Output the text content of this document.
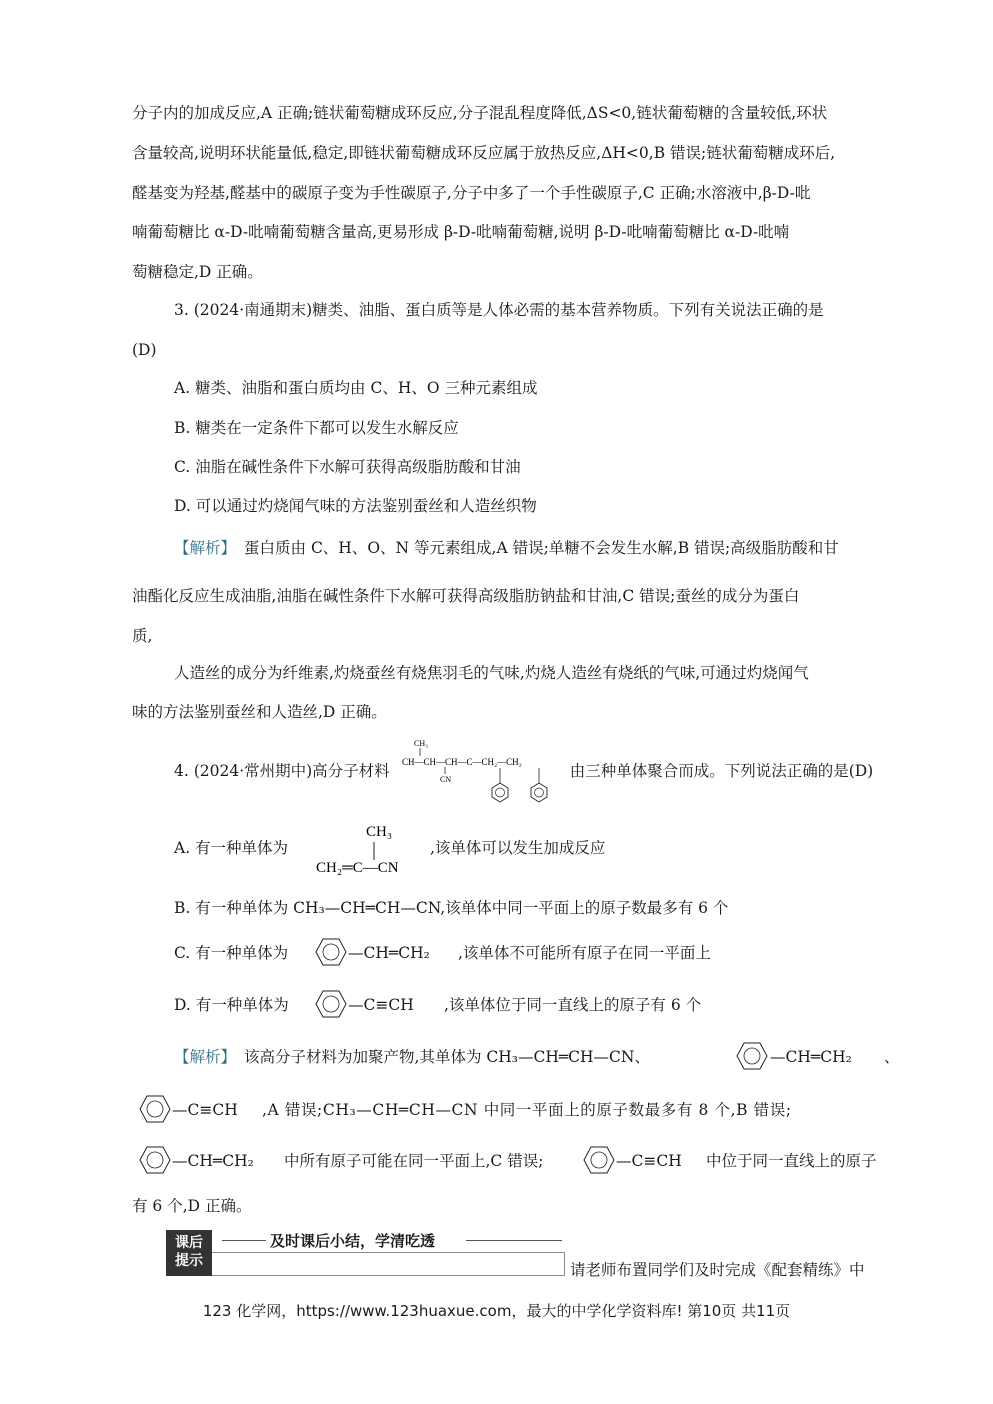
分子内的加成反应,A 正确;链状葡萄糖成环反应,分子混乱程度降低,ΔS<0,链状葡萄糖的含量较低,环状
含量较高,说明环状能量低,稳定,即链状葡萄糖成环反应属于放热反应,ΔH<0,B 错误;链状葡萄糖成环后,
醛基变为羟基,醛基中的碳原子变为手性碳原子,分子中多了一个手性碳原子,C 正确;水溶液中,β-D-吡
喃葡萄糖比 α-D-吡喃葡萄糖含量高,更易形成 β-D-吡喃葡萄糖,说明 β-D-吡喃葡萄糖比 α-D-吡喃
萄糖稳定,D 正确。
3. (2024·南通期末)糖类、油脂、蛋白质等是人体必需的基本营养物质。下列有关说法正确的是
(D)
A. 糖类、油脂和蛋白质均由 C、H、O 三种元素组成
B. 糖类在一定条件下都可以发生水解反应
C. 油脂在碱性条件下水解可获得高级脂肪酸和甘油
D. 可以通过灼烧闻气味的方法鉴别蚕丝和人造丝织物
【解析】 蛋白质由 C、H、O、N 等元素组成,A 错误;单糖不会发生水解,B 错误;高级脂肪酸和甘
油酯化反应生成油脂,油脂在碱性条件下水解可获得高级脂肪钠盐和甘油,C 错误;蚕丝的成分为蛋白
质,
人造丝的成分为纤维素,灼烧蚕丝有烧焦羽毛的气味,灼烧人造丝有烧纸的气味,可通过灼烧闻气
味的方法鉴别蚕丝和人造丝,D 正确。
4. (2024·常州期中)高分子材料	由三种单体聚合而成。下列说法正确的是(D)
CH₃
CH—CH—CH—C—CH₂—CH₂
CN
A. 有一种单体为
CH₃
CH₂═C—CN
,该单体可以发生加成反应
B. 有一种单体为 CH₃—CH═CH—CN,该单体中同一平面上的原子数最多有 6 个
C. 有一种单体为	—CH═CH₂	,该单体不可能所有原子在同一平面上
D. 有一种单体为	—C≡CH	,该单体位于同一直线上的原子有 6 个
【解析】 该高分子材料为加聚产物,其单体为 CH₃—CH═CH—CN、	—CH═CH₂	、
—C≡CH	,A 错误;CH₃—CH═CH—CN 中同一平面上的原子数最多有 8 个,B 错误;
—CH═CH₂	中所有原子可能在同一平面上,C 错误;	—C≡CH	中位于同一直线上的原子
有 6 个,D 正确。
课后
提示
及时课后小结，学清吃透
请老师布置同学们及时完成《配套精练》中
123 化学网，https://www.123huaxue.com，最大的中学化学资料库! 第10页 共11页
